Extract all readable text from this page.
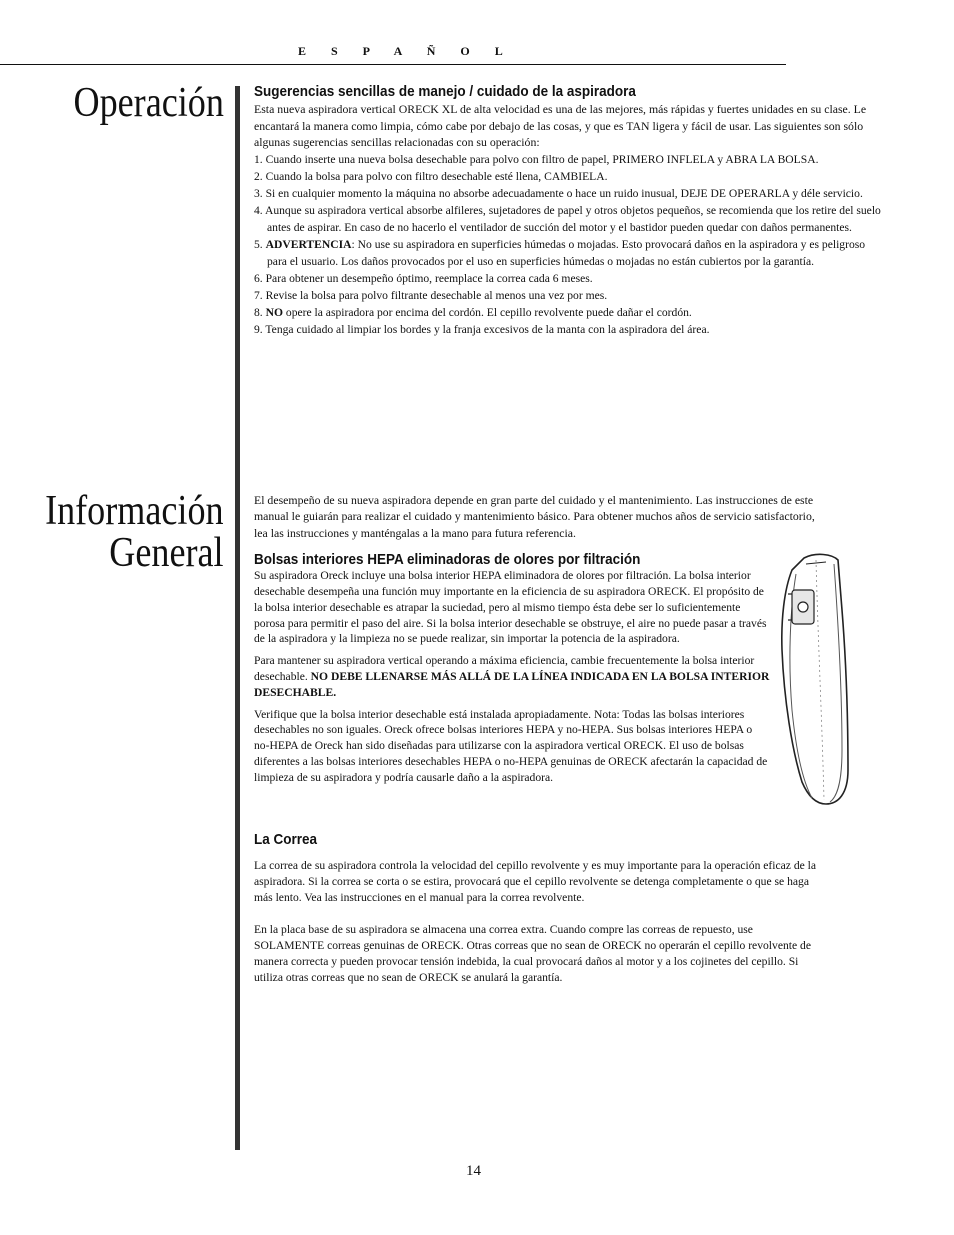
E S P A Ñ O L
Operación
Información
General
Sugerencias sencillas de manejo / cuidado de la aspiradora

Esta nueva aspiradora vertical ORECK XL de alta velocidad es una de las mejores, más rápidas y fuertes unidades en su clase. Le encantará la manera como limpia, cómo cabe por debajo de las cosas, y que es TAN ligera y fácil de usar. Las siguientes son sólo algunas sugerencias sencillas relacionadas con su operación:

1. Cuando inserte una nueva bolsa desechable para polvo con filtro de papel, PRIMERO INFLELA y ABRA LA BOLSA.
2. Cuando la bolsa para polvo con filtro desechable esté llena, CAMBIELA.
3. Si en cualquier momento la máquina no absorbe adecuadamente o hace un ruido inusual, DEJE DE OPERARLA y déle servicio.
4. Aunque su aspiradora vertical absorbe alfileres, sujetadores de papel y otros objetos pequeños, se recomienda que los retire del suelo antes de aspirar. En caso de no hacerlo el ventilador de succión del motor y el bastidor pueden quedar con daños permanentes.
5. ADVERTENCIA: No use su aspiradora en superficies húmedas o mojadas. Esto provocará daños en la aspiradora y es peligroso para el usuario. Los daños provocados por el uso en superficies húmedas o mojadas no están cubiertos por la garantía.
6. Para obtener un desempeño óptimo, reemplace la correa cada 6 meses.
7. Revise la bolsa para polvo filtrante desechable al menos una vez por mes.
8. NO opere la aspiradora por encima del cordón. El cepillo revolvente puede dañar el cordón.
9. Tenga cuidado al limpiar los bordes y la franja excesivos de la manta con la aspiradora del área.

El desempeño de su nueva aspiradora depende en gran parte del cuidado y el mantenimiento. Las instrucciones de este manual le guiarán para realizar el cuidado y mantenimiento básico. Para obtener muchos años de servicio satisfactorio, lea las instrucciones y manténgalas a la mano para futura referencia.

Bolsas interiores HEPA eliminadoras de olores por filtración

Su aspiradora Oreck incluye una bolsa interior HEPA eliminadora de olores por filtración. La bolsa interior desechable desempeña una función muy importante en la eficiencia de su aspiradora ORECK. El propósito de la bolsa interior desechable es atrapar la suciedad, pero al mismo tiempo ésta debe ser lo suficientemente porosa para permitir el paso del aire. Si la bolsa interior desechable se obstruye, el aire no puede pasar a través de la aspiradora y la limpieza no se puede realizar, sin importar la potencia de la aspiradora.

Para mantener su aspiradora vertical operando a máxima eficiencia, cambie frecuentemente la bolsa interior desechable. NO DEBE LLENARSE MÁS ALLÁ DE LA LÍNEA INDICADA EN LA BOLSA INTERIOR DESECHABLE.

Verifique que la bolsa interior desechable está instalada apropiadamente. Nota: Todas las bolsas interiores desechables no son iguales. Oreck ofrece bolsas interiores HEPA y no-HEPA. Sus bolsas interiores HEPA o no-HEPA de Oreck han sido diseñadas para utilizarse con la aspiradora vertical ORECK. El uso de bolsas diferentes a las bolsas interiores desechables HEPA o no-HEPA genuinas de ORECK afectarán la capacidad de limpieza de su aspiradora y podría causarle daño a la aspiradora.

La Correa

La correa de su aspiradora controla la velocidad del cepillo revolvente y es muy importante para la operación eficaz de la aspiradora. Si la correa se corta o se estira, provocará que el cepillo revolvente se detenga completamente o que se haga más lento. Vea las instrucciones en el manual para la correa revolvente.

En la placa base de su aspiradora se almacena una correa extra. Cuando compre las correas de repuesto, use SOLAMENTE correas genuinas de ORECK. Otras correas que no sean de ORECK no operarán el cepillo revolvente de manera correcta y pueden provocar tensión indebida, la cual provocará daños al motor y a los cojinetes del cepillo. Si utiliza otras correas que no sean de ORECK se anulará la garantía.

14
